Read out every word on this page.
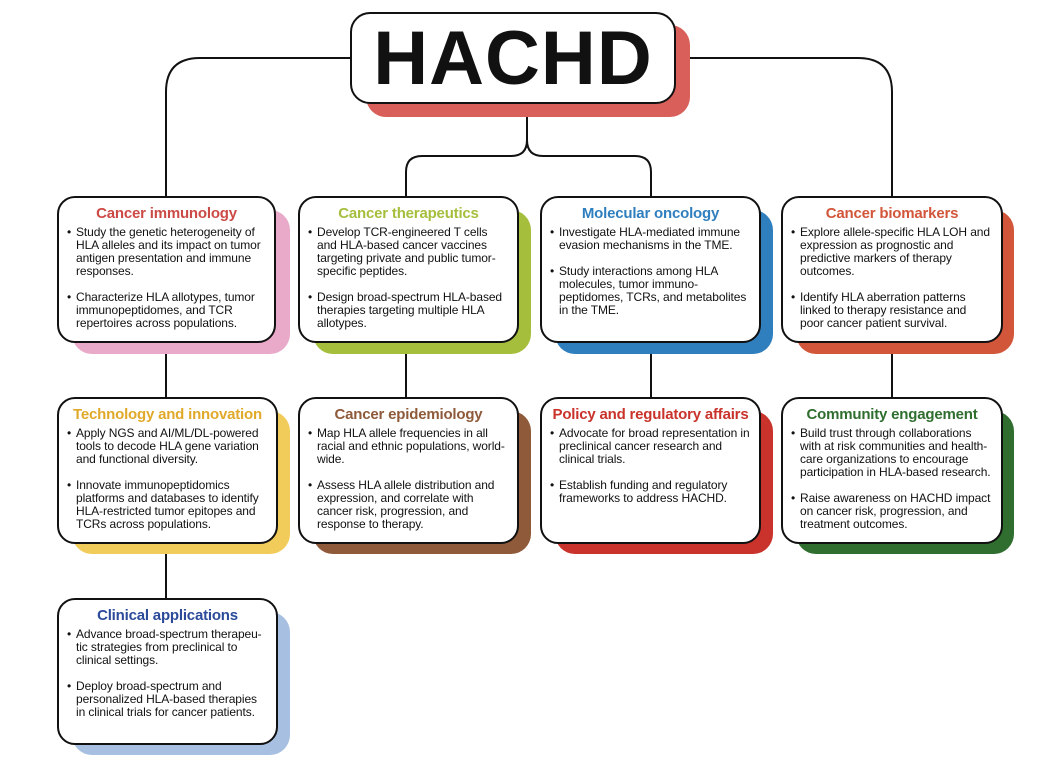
HACHD
Cancer immunology
• Study the genetic heterogeneity of HLA alleles and its impact on tumor antigen presentation and immune responses.
• Characterize HLA allotypes, tumor immunopeptidomes, and TCR repertoires across populations.
Cancer therapeutics
• Develop TCR-engineered T cells and HLA-based cancer vaccines targeting private and public tumor-specific peptides.
• Design broad-spectrum HLA-based therapies targeting multiple HLA allotypes.
Molecular oncology
• Investigate HLA-mediated immune evasion mechanisms in the TME.
• Study interactions among HLA molecules, tumor immuno-peptidomes, TCRs, and metabolites in the TME.
Cancer biomarkers
• Explore allele-specific HLA LOH and expression as prognostic and predictive markers of therapy outcomes.
• Identify HLA aberration patterns linked to therapy resistance and poor cancer patient survival.
Technology and innovation
• Apply NGS and AI/ML/DL-powered tools to decode HLA gene variation and functional diversity.
• Innovate immunopeptidomics platforms and databases to identify HLA-restricted tumor epitopes and TCRs across populations.
Cancer epidemiology
• Map HLA allele frequencies in all racial and ethnic populations, world-wide.
• Assess HLA allele distribution and expression, and correlate with cancer risk, progression, and response to therapy.
Policy and regulatory affairs
• Advocate for broad representation in preclinical cancer research and clinical trials.
• Establish funding and regulatory frameworks to address HACHD.
Community engagement
• Build trust through collaborations with at risk communities and health-care organizations to encourage participation in HLA-based research.
• Raise awareness on HACHD impact on cancer risk, progression, and treatment outcomes.
Clinical applications
• Advance broad-spectrum therapeu-tic strategies from preclinical to clinical settings.
• Deploy broad-spectrum and personalized HLA-based therapies in clinical trials for cancer patients.
